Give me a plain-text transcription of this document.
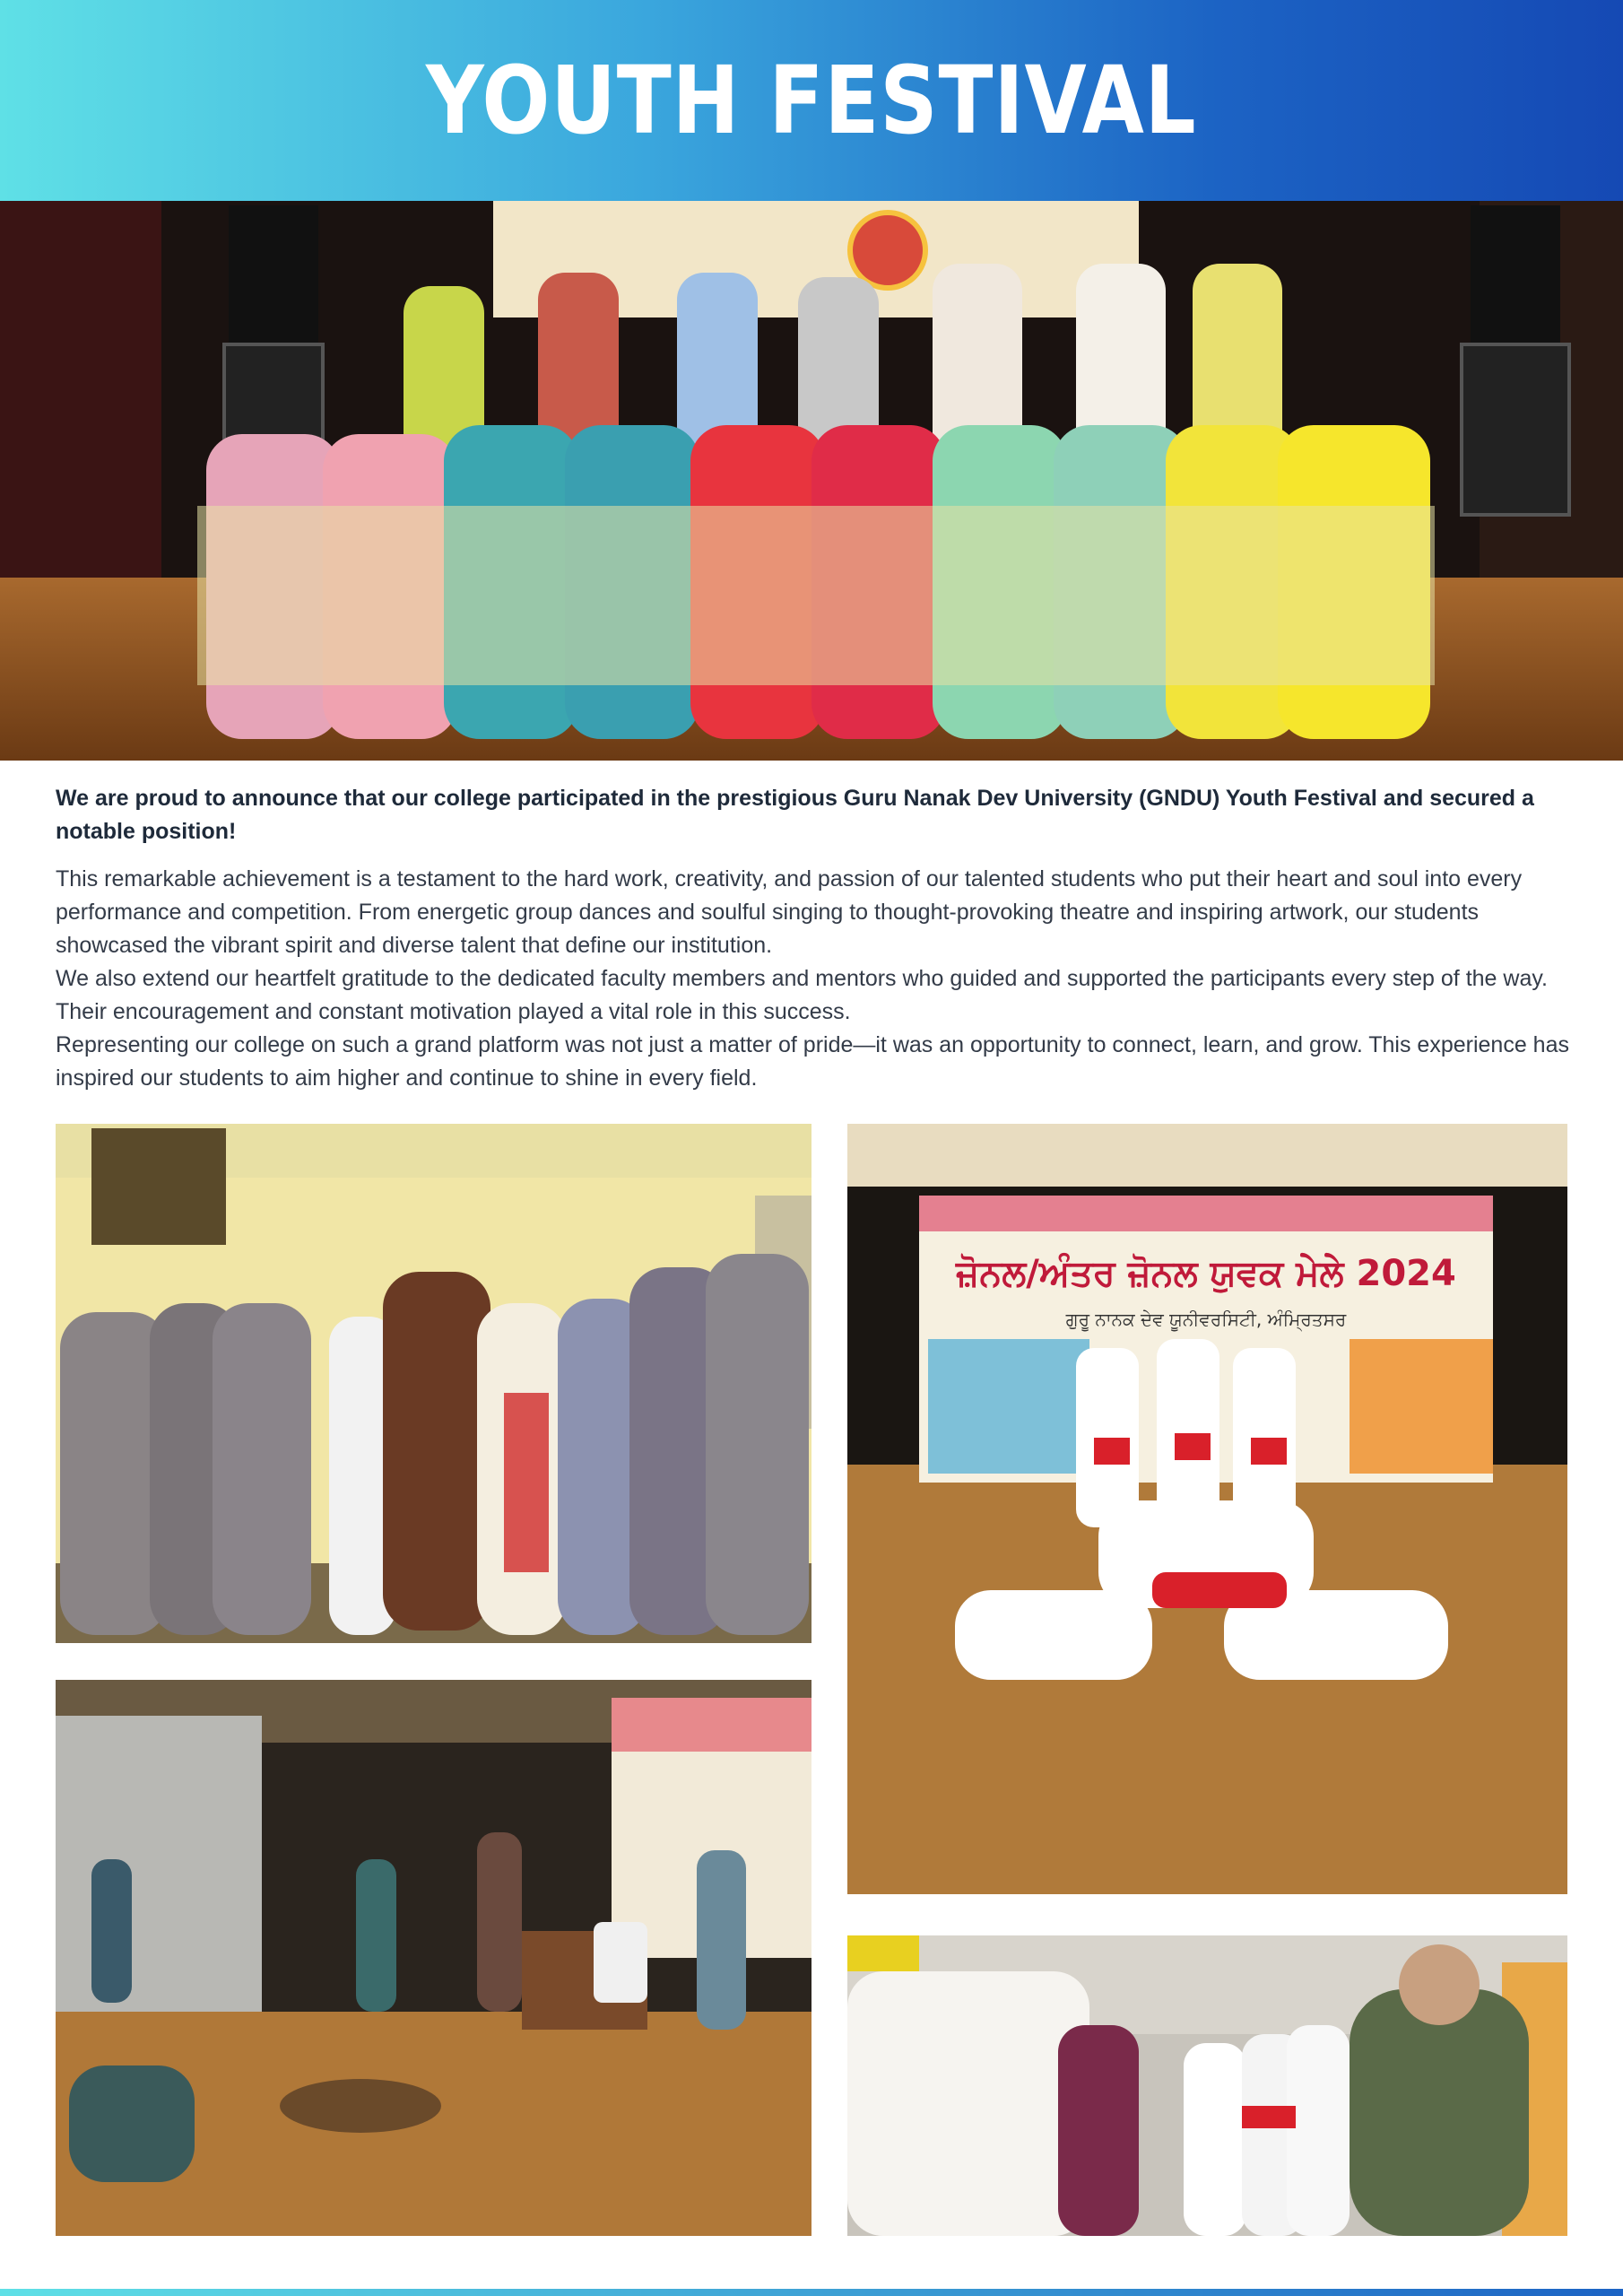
YOUTH FESTIVAL

We are proud to announce that our college participated in the prestigious Guru Nanak Dev University (GNDU) Youth Festival and secured a notable position!

This remarkable achievement is a testament to the hard work, creativity, and passion of our talented students who put their heart and soul into every performance and competition. From energetic group dances and soulful singing to thought-provoking theatre and inspiring artwork, our students showcased the vibrant spirit and diverse talent that define our institution.

We also extend our heartfelt gratitude to the dedicated faculty members and mentors who guided and supported the participants every step of the way. Their encouragement and constant motivation played a vital role in this success.

Representing our college on such a grand platform was not just a matter of pride—it was an opportunity to connect, learn, and grow. This experience has inspired our students to aim higher and continue to shine in every field.

ਜ਼ੋਨਲ/ਅੰਤਰ ਜ਼ੋਨਲ ਯੁਵਕ ਮੇਲੇ 2024
ਗੁਰੂ ਨਾਨਕ ਦੇਵ ਯੂਨੀਵਰਸਿਟੀ, ਅੰਮ੍ਰਿਤਸਰ
